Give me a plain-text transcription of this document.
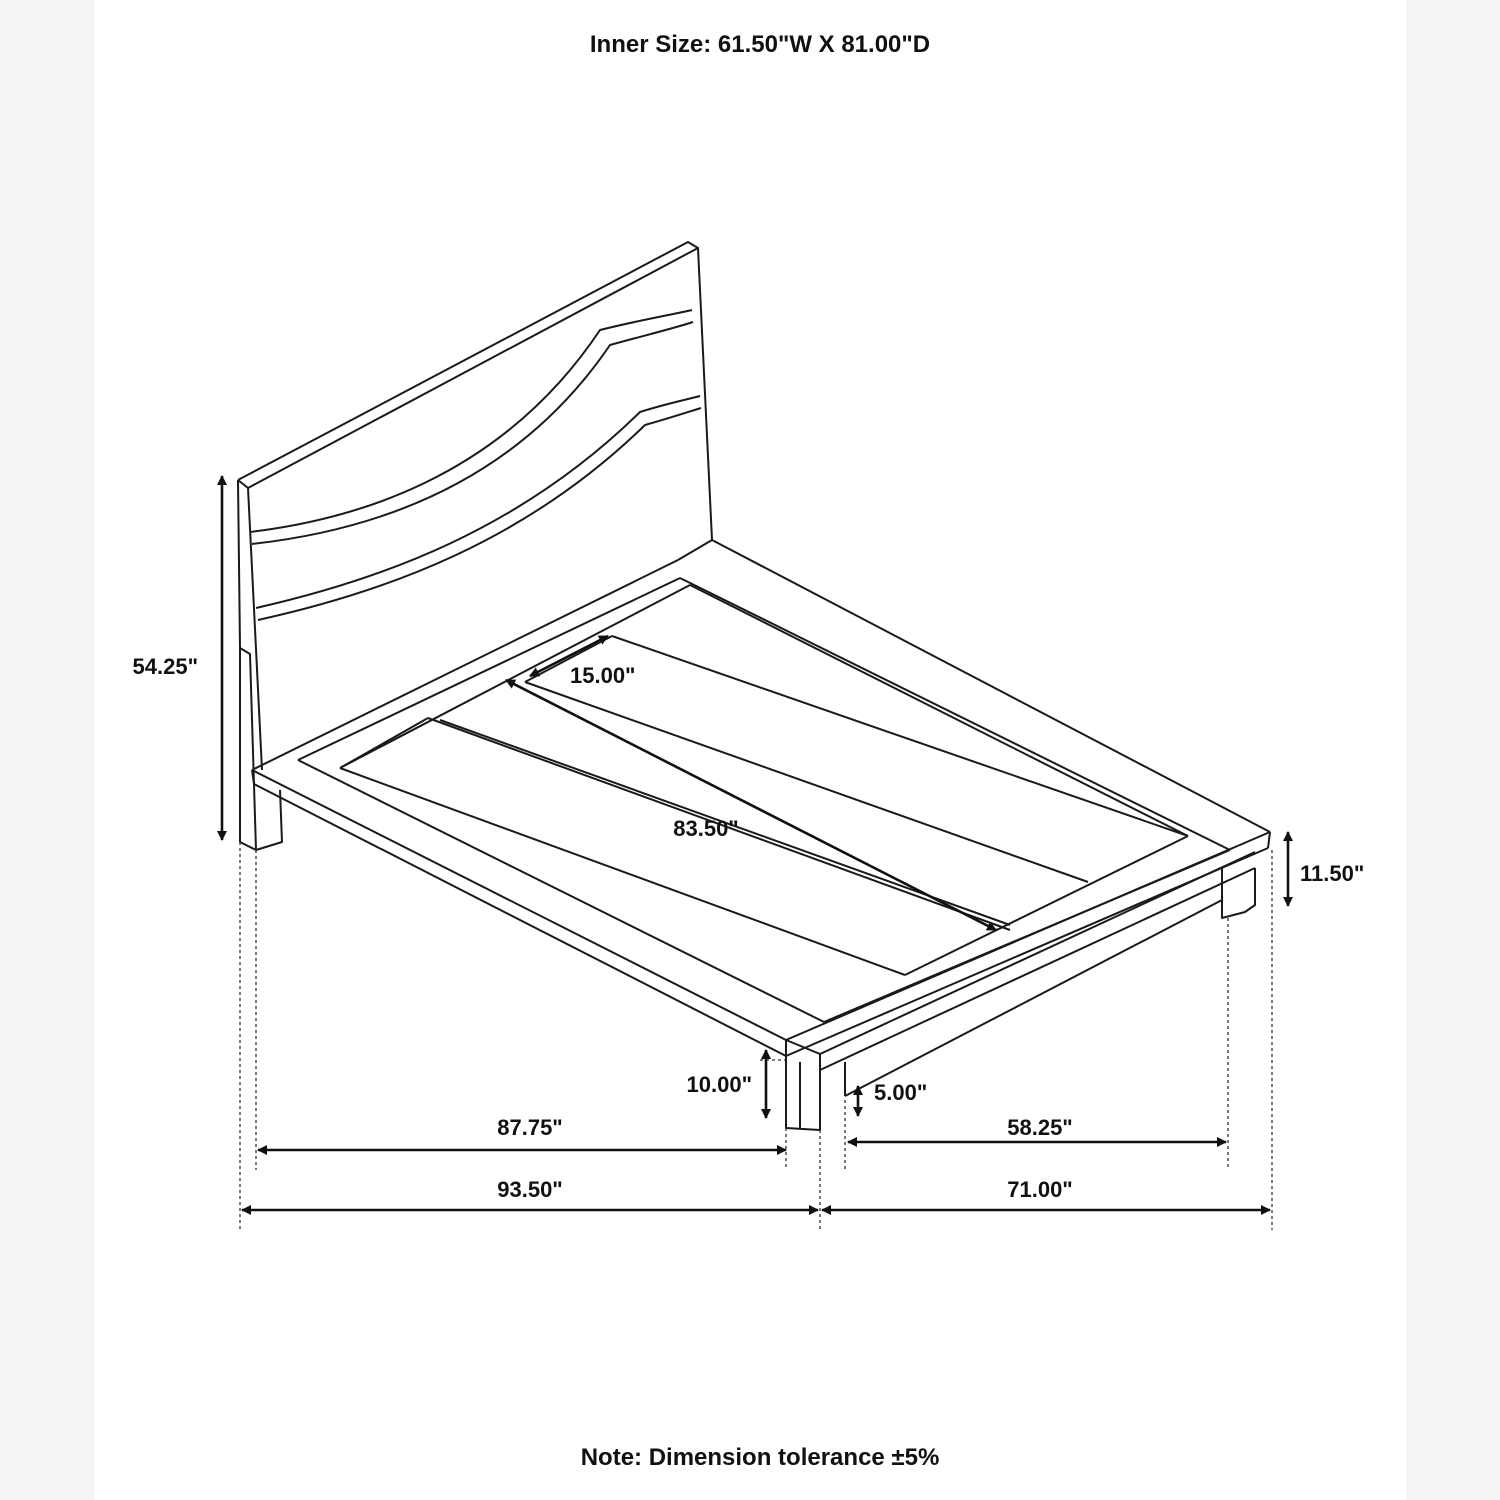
Inner Size: 61.50"W X 81.00"D
54.25"	15.00"
83.50"
11.50"
10.00"	5.00"
87.75"	58.25"
93.50"	71.00"
Note: Dimension tolerance ±5%
